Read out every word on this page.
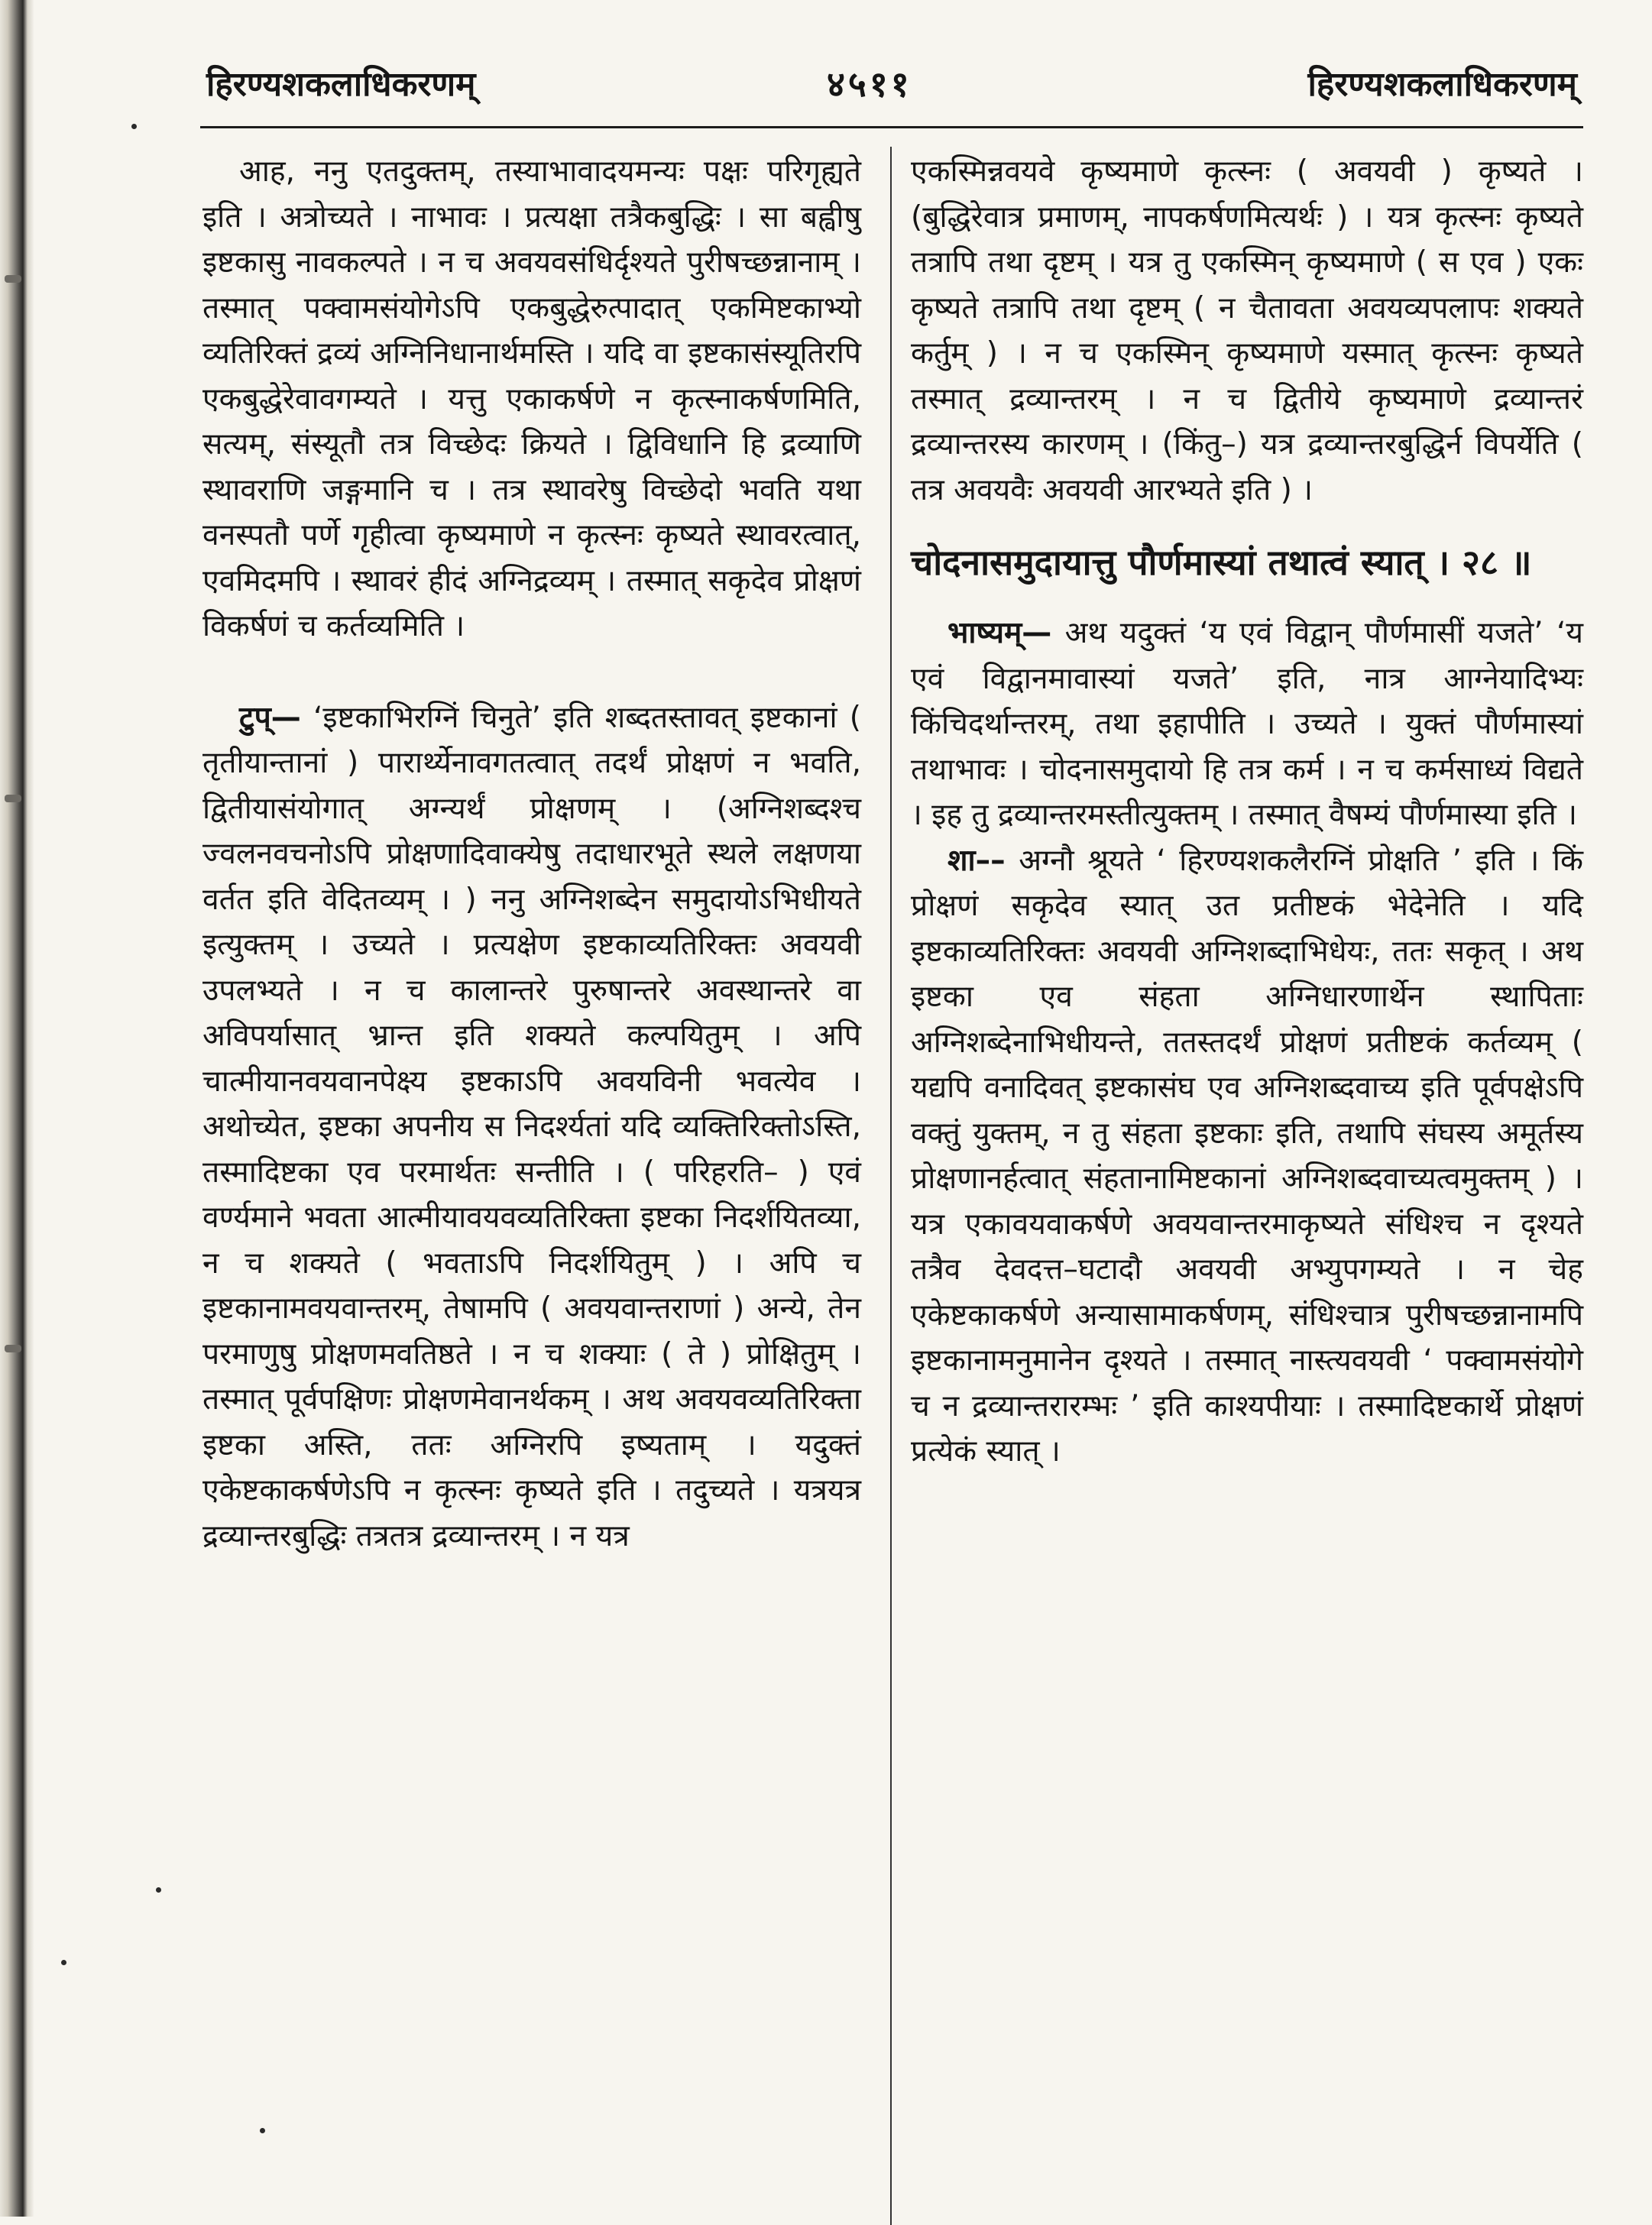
हिरण्यशकलाधिकरणम्	४५११	हिरण्यशकलाधिकरणम्

आह, ननु एतदुक्तम्, तस्याभावादयमन्यः पक्षः परिगृह्यते इति । अत्रोच्यते । नाभावः । प्रत्यक्षा तत्रैकबुद्धिः । सा बह्वीषु इष्टकासु नावकल्पते । न च अवयवसंधिर्दृश्यते पुरीषच्छन्नानाम् । तस्मात् पक्वामसंयोगेऽपि एकबुद्धेरुत्पादात् एकमिष्टकाभ्यो व्यतिरिक्तं द्रव्यं अग्निनिधानार्थमस्ति । यदि वा इष्टकासंस्यूतिरपि एकबुद्धेरेवावगम्यते । यत्तु एकाकर्षणे न कृत्स्नाकर्षणमिति, सत्यम्, संस्यूतौ तत्र विच्छेदः क्रियते । द्विविधानि हि द्रव्याणि स्थावराणि जङ्गमानि च । तत्र स्थावरेषु विच्छेदो भवति यथा वनस्पतौ पर्णे गृहीत्वा कृष्यमाणे न कृत्स्नः कृष्यते स्थावरत्वात्, एवमिदमपि । स्थावरं हीदं अग्निद्रव्यम् । तस्मात् सकृदेव प्रोक्षणं विकर्षणं च कर्तव्यमिति ।

टुप्— ‘इष्टकाभिरग्निं चिनुते’ इति शब्दतस्तावत् इष्टकानां ( तृतीयान्तानां ) पारार्थ्येनावगतत्वात् तदर्थं प्रोक्षणं न भवति, द्वितीयासंयोगात् अग्न्यर्थं प्रोक्षणम् । (अग्निशब्दश्च ज्वलनवचनोऽपि प्रोक्षणादिवाक्येषु तदाधारभूते स्थले लक्षणया वर्तत इति वेदितव्यम् । ) ननु अग्निशब्देन समुदायोऽभिधीयते इत्युक्तम् । उच्यते । प्रत्यक्षेण इष्टकाव्यतिरिक्तः अवयवी उपलभ्यते । न च कालान्तरे पुरुषान्तरे अवस्थान्तरे वा अविपर्यासात् भ्रान्त इति शक्यते कल्पयितुम् । अपि चात्मीयानवयवानपेक्ष्य इष्टकाऽपि अवयविनी भवत्येव । अथोच्येत, इष्टका अपनीय स निदर्श्यतां यदि व्यक्तिरिक्तोऽस्ति, तस्मादिष्टका एव परमार्थतः सन्तीति । ( परिहरति– ) एवं वर्ण्यमाने भवता आत्मीयावयवव्यतिरिक्ता इष्टका निदर्शयितव्या, न च शक्यते ( भवताऽपि निदर्शयितुम् ) । अपि च इष्टकानामवयवान्तरम्, तेषामपि ( अवयवान्तराणां ) अन्ये, तेन परमाणुषु प्रोक्षणमवतिष्ठते । न च शक्याः ( ते ) प्रोक्षितुम् । तस्मात् पूर्वपक्षिणः प्रोक्षणमेवानर्थकम् । अथ अवयवव्यतिरिक्ता इष्टका अस्ति, ततः अग्निरपि इष्यताम् । यदुक्तं एकेष्टकाकर्षणेऽपि न कृत्स्नः कृष्यते इति । तदुच्यते । यत्रयत्र द्रव्यान्तरबुद्धिः तत्रतत्र द्रव्यान्तरम् । न यत्र

एकस्मिन्नवयवे कृष्यमाणे कृत्स्नः ( अवयवी ) कृष्यते । (बुद्धिरेवात्र प्रमाणम्, नापकर्षणमित्यर्थः ) । यत्र कृत्स्नः कृष्यते तत्रापि तथा दृष्टम् । यत्र तु एकस्मिन् कृष्यमाणे ( स एव ) एकः कृष्यते तत्रापि तथा दृष्टम् ( न चैतावता अवयव्यपलापः शक्यते कर्तुम् ) । न च एकस्मिन् कृष्यमाणे यस्मात् कृत्स्नः कृष्यते तस्मात् द्रव्यान्तरम् । न च द्वितीये कृष्यमाणे द्रव्यान्तरं द्रव्यान्तरस्य कारणम् । (किंतु–) यत्र द्रव्यान्तरबुद्धिर्न विपर्येति ( तत्र अवयवैः अवयवी आरभ्यते इति ) ।

चोदनासमुदायात्तु पौर्णमास्यां तथात्वं स्यात् । २८ ॥

भाष्यम्— अथ यदुक्तं ‘य एवं विद्वान् पौर्णमासीं यजते’ ‘य एवं विद्वानमावास्यां यजते’ इति, नात्र आग्नेयादिभ्यः किंचिदर्थान्तरम्, तथा इहापीति । उच्यते । युक्तं पौर्णमास्यां तथाभावः । चोदनासमुदायो हि तत्र कर्म । न च कर्मसाध्यं विद्यते । इह तु द्रव्यान्तरमस्तीत्युक्तम् । तस्मात् वैषम्यं पौर्णमास्या इति ।

शा–– अग्नौ श्रूयते ‘ हिरण्यशकलैरग्निं प्रोक्षति ’ इति । किं प्रोक्षणं सकृदेव स्यात् उत प्रतीष्टकं भेदेनेति । यदि इष्टकाव्यतिरिक्तः अवयवी अग्निशब्दाभिधेयः, ततः सकृत् । अथ इष्टका एव संहता अग्निधारणार्थेन स्थापिताः अग्निशब्देनाभिधीयन्ते, ततस्तदर्थं प्रोक्षणं प्रतीष्टकं कर्तव्यम् ( यद्यपि वनादिवत् इष्टकासंघ एव अग्निशब्दवाच्य इति पूर्वपक्षेऽपि वक्तुं युक्तम्, न तु संहता इष्टकाः इति, तथापि संघस्य अमूर्तस्य प्रोक्षणानर्हत्वात् संहतानामिष्टकानां अग्निशब्दवाच्यत्वमुक्तम् ) । यत्र एकावयवाकर्षणे अवयवान्तरमाकृष्यते संधिश्च न दृश्यते तत्रैव देवदत्त–घटादौ अवयवी अभ्युपगम्यते । न चेह एकेष्टकाकर्षणे अन्यासामाकर्षणम्, संधिश्चात्र पुरीषच्छन्नानामपि इष्टकानामनुमानेन दृश्यते । तस्मात् नास्त्यवयवी ‘ पक्वामसंयोगे च न द्रव्यान्तरारम्भः ’ इति काश्यपीयाः । तस्मादिष्टकार्थे प्रोक्षणं प्रत्येकं स्यात् ।
